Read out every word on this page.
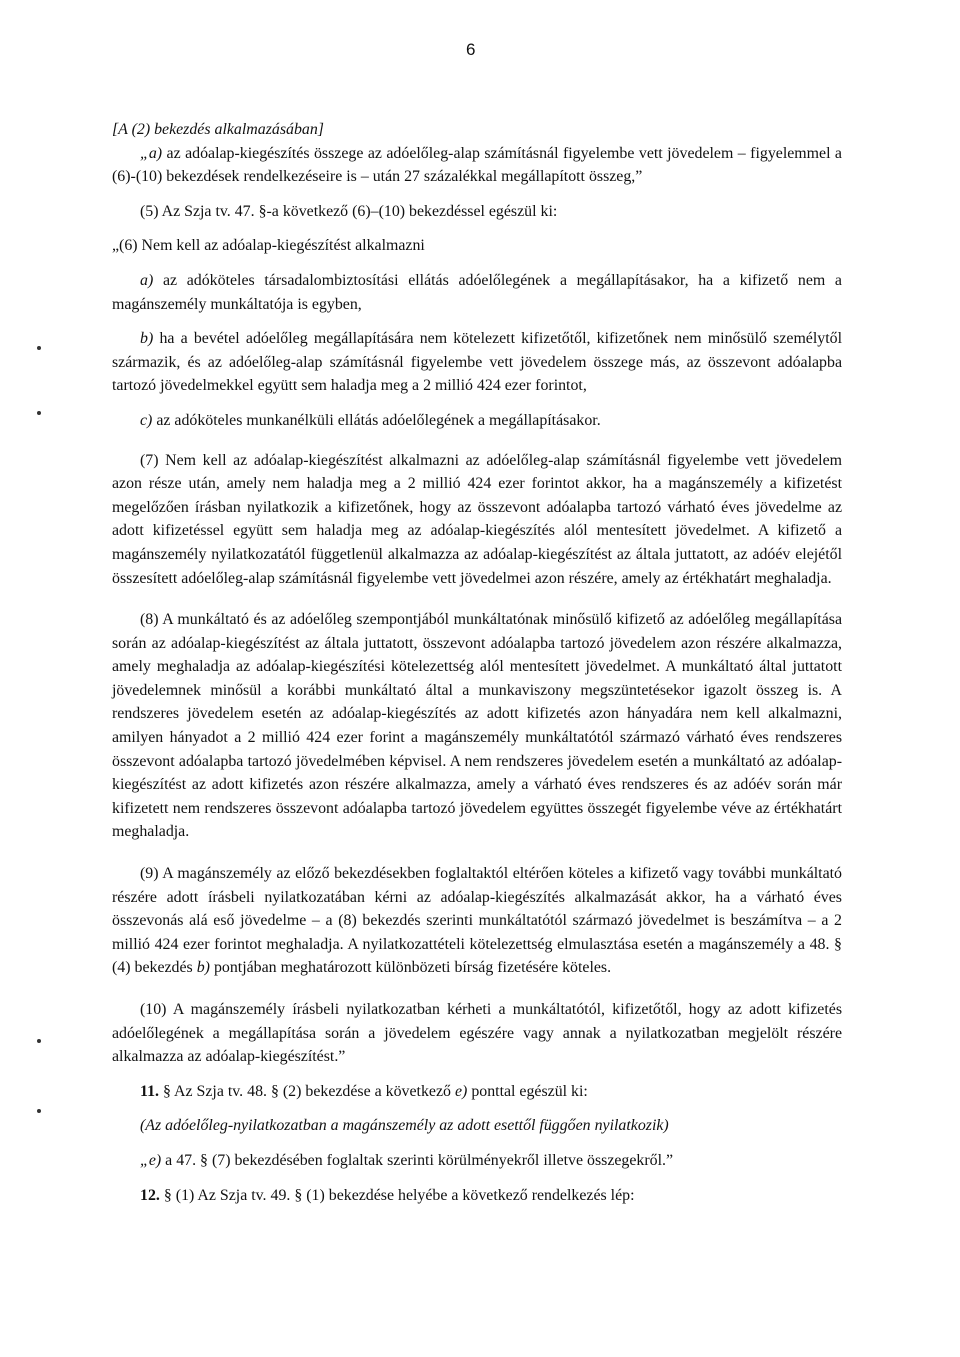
6

[A (2) bekezdés alkalmazásában]

„a) az adóalap-kiegészítés összege az adóelőleg-alap számításnál figyelembe vett jövedelem – figyelemmel a (6)-(10) bekezdések rendelkezéseire is – után 27 százalékkal megállapított összeg,”

(5) Az Szja tv. 47. §-a következő (6)–(10) bekezdéssel egészül ki:

„(6) Nem kell az adóalap-kiegészítést alkalmazni

a) az adóköteles társadalombiztosítási ellátás adóelőlegének a megállapításakor, ha a kifizető nem a magánszemély munkáltatója is egyben,

b) ha a bevétel adóelőleg megállapítására nem kötelezett kifizetőtől, kifizetőnek nem minősülő személytől származik, és az adóelőleg-alap számításnál figyelembe vett jövedelem összege más, az összevont adóalapba tartozó jövedelmekkel együtt sem haladja meg a 2 millió 424 ezer forintot,

c) az adóköteles munkanélküli ellátás adóelőlegének a megállapításakor.

(7) Nem kell az adóalap-kiegészítést alkalmazni az adóelőleg-alap számításnál figyelembe vett jövedelem azon része után, amely nem haladja meg a 2 millió 424 ezer forintot akkor, ha a magánszemély a kifizetést megelőzően írásban nyilatkozik a kifizetőnek, hogy az összevont adóalapba tartozó várható éves jövedelme az adott kifizetéssel együtt sem haladja meg az adóalap-kiegészítés alól mentesített jövedelmet. A kifizető a magánszemély nyilatkozatától függetlenül alkalmazza az adóalap-kiegészítést az általa juttatott, az adóév elejétől összesített adóelőleg-alap számításnál figyelembe vett jövedelmei azon részére, amely az értékhatárt meghaladja.

(8) A munkáltató és az adóelőleg szempontjából munkáltatónak minősülő kifizető az adóelőleg megállapítása során az adóalap-kiegészítést az általa juttatott, összevont adóalapba tartozó jövedelem azon részére alkalmazza, amely meghaladja az adóalap-kiegészítési kötelezettség alól mentesített jövedelmet. A munkáltató által juttatott jövedelemnek minősül a korábbi munkáltató által a munkaviszony megszüntetésekor igazolt összeg is. A rendszeres jövedelem esetén az adóalap-kiegészítés az adott kifizetés azon hányadára nem kell alkalmazni, amilyen hányadot a 2 millió 424 ezer forint a magánszemély munkáltatótól származó várható éves rendszeres összevont adóalapba tartozó jövedelmében képvisel. A nem rendszeres jövedelem esetén a munkáltató az adóalap-kiegészítést az adott kifizetés azon részére alkalmazza, amely a várható éves rendszeres és az adóév során már kifizetett nem rendszeres összevont adóalapba tartozó jövedelem együttes összegét figyelembe véve az értékhatárt meghaladja.

(9) A magánszemély az előző bekezdésekben foglaltaktól eltérően köteles a kifizető vagy további munkáltató részére adott írásbeli nyilatkozatában kérni az adóalap-kiegészítés alkalmazását akkor, ha a várható éves összevonás alá eső jövedelme – a (8) bekezdés szerinti munkáltatótól származó jövedelmet is beszámítva – a 2 millió 424 ezer forintot meghaladja. A nyilatkozattételi kötelezettség elmulasztása esetén a magánszemély a 48. § (4) bekezdés b) pontjában meghatározott különbözeti bírság fizetésére köteles.

(10) A magánszemély írásbeli nyilatkozatban kérheti a munkáltatótól, kifizetőtől, hogy az adott kifizetés adóelőlegének a megállapítása során a jövedelem egészére vagy annak a nyilatkozatban megjelölt részére alkalmazza az adóalap-kiegészítést.”

11. § Az Szja tv. 48. § (2) bekezdése a következő e) ponttal egészül ki:

(Az adóelőleg-nyilatkozatban a magánszemély az adott esettől függően nyilatkozik)

„e) a 47. § (7) bekezdésében foglaltak szerinti körülményekről illetve összegekről.”

12. § (1) Az Szja tv. 49. § (1) bekezdése helyébe a következő rendelkezés lép:
